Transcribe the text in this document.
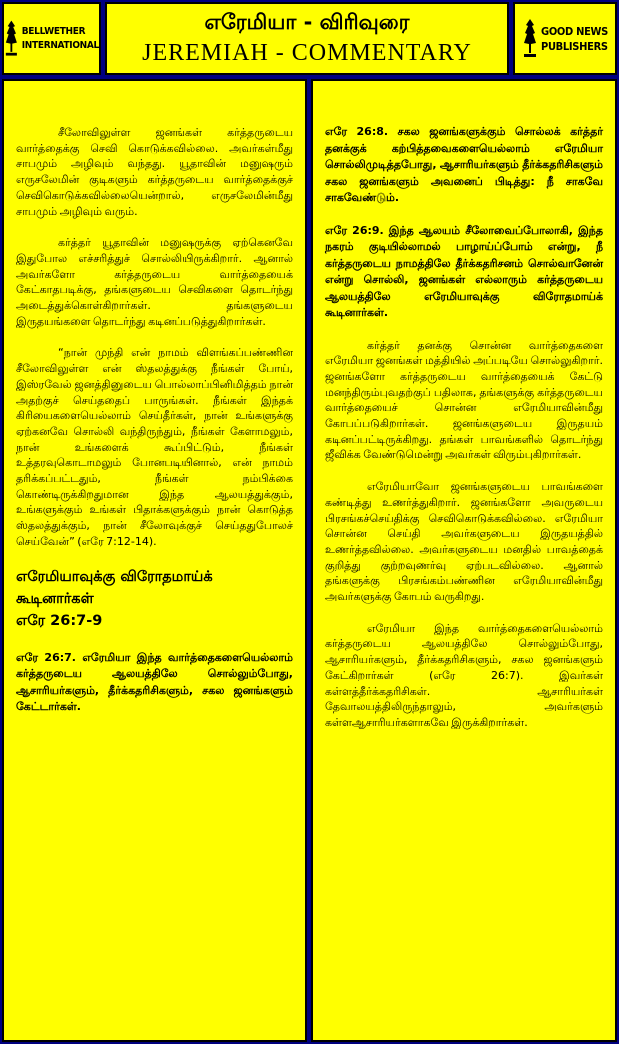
BELLWETHER
INTERNATIONAL
எரேமியா - விரிவுரை
JEREMIAH - COMMENTARY
GOOD NEWS
PUBLISHERS

சீலோவிலுள்ள ஜனங்கள் கர்த்தருடைய வார்த்தைக்கு செவி கொடுக்கவில்லை. அவர்கள்மீது சாபமும் அழிவும் வந்தது. யூதாவின் மனுஷரும் எருசலேமின் குடிகளும் கர்த்தருடைய வார்த்தைக்குச் செவிகொடுக்கவில்லையென்றால், எருசலேமின்மீது சாபமும் அழிவும் வரும்.

கர்த்தர் யூதாவின் மனுஷருக்கு ஏற்கெனவே இதுபோல எச்சரித்துச் சொல்லியிருக்கிறார். ஆனால் அவர்களோ கர்த்தருடைய வார்த்தையைக் கேட்காதபடிக்கு, தங்களுடைய செவிகளை தொடர்ந்து அடைத்துக்கொள்கிறார்கள். தங்களுடைய இருதயங்களை தொடர்ந்து கடினப்படுத்துகிறார்கள்.

“நான் முந்தி என் நாமம் விளங்கப்பண்ணின சீலோவிலுள்ள என் ஸ்தலத்துக்கு நீங்கள் போய், இஸ்ரவேல் ஜனத்தினுடைய பொல்லாப்பினிமித்தம் நான் அதற்குச் செய்ததைப் பாருங்கள். நீங்கள் இந்தக் கிரியைகளையெல்லாம் செய்தீர்கள், நான் உங்களுக்கு ஏற்கனவே சொல்லி வந்திருந்தும், நீங்கள் கேளாமலும், நான் உங்களைக் கூப்பிட்டும், நீங்கள் உத்தரவுகொடாமலும் போனபடியினால், என் நாமம் தரிக்கப்பட்டதும், நீங்கள் நம்பிக்கை கொண்டிருக்கிறதுமான இந்த ஆலயத்துக்கும், உங்களுக்கும் உங்கள் பிதாக்களுக்கும் நான் கொடுத்த ஸ்தலத்துக்கும், நான் சீலோவுக்குச் செய்ததுபோலச் செய்வேன்” (எரே 7:12-14).

எரேமியாவுக்கு விரோதமாய்க்
கூடினார்கள்
எரே 26:7-9

எரே 26:7. எரேமியா இந்த வார்த்தைகளையெல்லாம் கர்த்தருடைய ஆலயத்திலே சொல்லும்போது, ஆசாரியர்களும், தீர்க்கதரிசிகளும், சகல ஜனங்களும் கேட்டார்கள்.

எரே 26:8. சகல ஜனங்களுக்கும் சொல்லக் கர்த்தர் தனக்குக் கற்பித்தவைகளையெல்லாம் எரேமியா சொல்லிமுடித்தபோது, ஆசாரியர்களும் தீர்க்கதரிசிகளும் சகல ஜனங்களும் அவனைப் பிடித்து: நீ சாகவே சாகவேண்டும்.

எரே 26:9. இந்த ஆலயம் சீலோவைப்போலாகி, இந்த நகரம் குடியில்லாமல் பாழாய்ப்போம் என்று, நீ கர்த்தருடைய நாமத்திலே தீர்க்கதரிசனம் சொல்வானேன் என்று சொல்லி, ஜனங்கள் எல்லாரும் கர்த்தருடைய ஆலயத்திலே எரேமியாவுக்கு விரோதமாய்க் கூடினார்கள்.

கர்த்தர் தனக்கு சொன்ன வார்த்தைகளை எரேமியா ஜனங்கள் மத்தியில் அப்படியே சொல்லுகிறார். ஜனங்களோ கர்த்தருடைய வார்த்தையைக் கேட்டு மனந்திரும்புவதற்குப் பதிலாக, தங்களுக்கு கர்த்தருடைய வார்த்தையைச் சொன்ன எரேமியாவின்மீது கோபப்படுகிறார்கள். ஜனங்களுடைய இருதயம் கடினப்பட்டிருக்கிறது. தங்கள் பாவங்களில் தொடர்ந்து ஜீவிக்க வேண்டுமென்று அவர்கள் விரும்புகிறார்கள்.

எரேமியாவோ ஜனங்களுடைய பாவங்களை கண்டித்து உணர்த்துகிறார். ஜனங்களோ அவருடைய பிரசங்கச்செய்திக்கு செவிகொடுக்கவில்லை. எரேமியா சொன்ன செய்தி அவர்களுடைய இருதயத்தில் உணர்த்தவில்லை. அவர்களுடைய மனதில் பாவத்தைக் குறித்து குற்றவுணர்வு ஏற்படவில்லை. ஆனால் தங்களுக்கு பிரசங்கம்பண்ணின எரேமியாவின்மீது அவர்களுக்கு கோபம் வருகிறது.

எரேமியா இந்த வார்த்தைகளையெல்லாம் கர்த்தருடைய ஆலயத்திலே சொல்லும்போது, ஆசாரியர்களும், தீர்க்கதரிசிகளும், சகல ஜனங்களும் கேட்கிறார்கள் (எரே 26:7). இவர்கள் கள்ளத்தீர்க்கதரிசிகள். ஆசாரியர்கள் தேவாலயத்திலிருந்தாலும், அவர்களும் கள்ளஆசாரியர்களாகவே இருக்கிறார்கள்.
